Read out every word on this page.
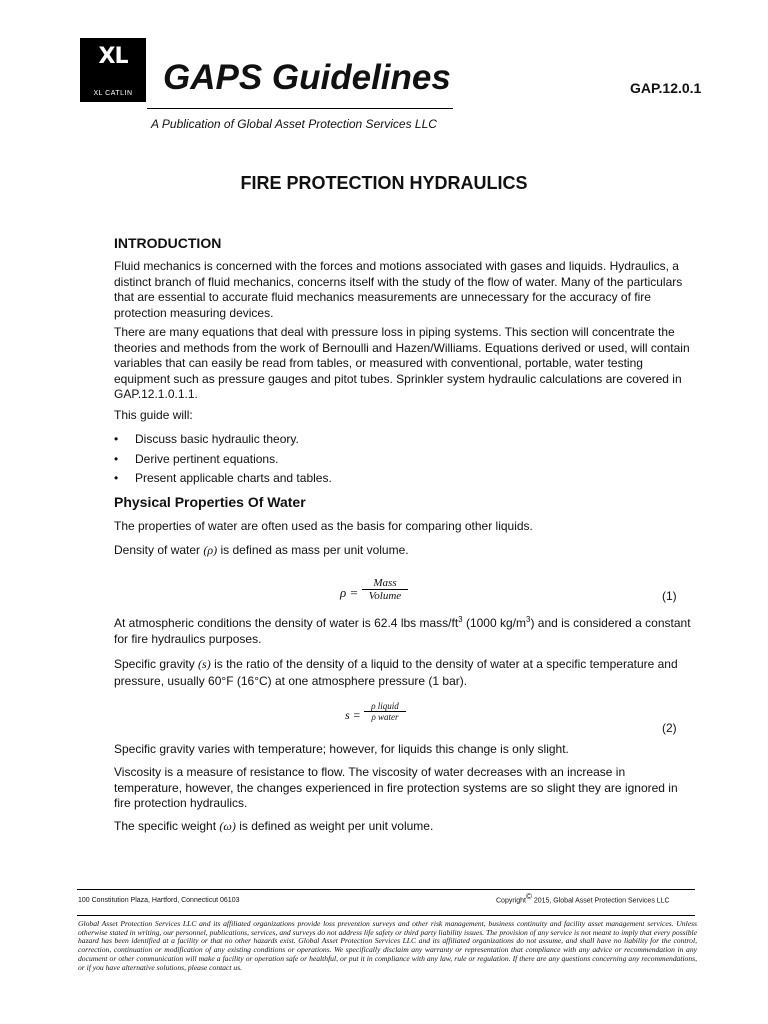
XL
XL CATLIN GAPS Guidelines	GAP.12.0.1
A Publication of Global Asset Protection Services LLC
FIRE PROTECTION HYDRAULICS
INTRODUCTION

Fluid mechanics is concerned with the forces and motions associated with gases and liquids. Hydraulics, a distinct branch of fluid mechanics, concerns itself with the study of the flow of water. Many of the particulars that are essential to accurate fluid mechanics measurements are unnecessary for the accuracy of fire protection measuring devices.

There are many equations that deal with pressure loss in piping systems. This section will concentrate the theories and methods from the work of Bernoulli and Hazen/Williams. Equations derived or used, will contain variables that can easily be read from tables, or measured with conventional, portable, water testing equipment such as pressure gauges and pitot tubes. Sprinkler system hydraulic calculations are covered in GAP.12.1.0.1.1.

This guide will:
• Discuss basic hydraulic theory.
• Derive pertinent equations.
• Present applicable charts and tables.
Physical Properties Of Water
The properties of water are often used as the basis for comparing other liquids.
Density of water (ρ) is defined as mass per unit volume.
ρ =
Mass
Volume	(1)
At atmospheric conditions the density of water is 62.4 lbs mass/$ft^3$ (1000 $kg/m^3$) and is considered a constant for fire hydraulics purposes.
Specific gravity (s) is the ratio of the density of a liquid to the density of water at a specific temperature and pressure, usually 60°F (16°C) at one atmosphere pressure (1 bar).
s =
ρ liquid
ρ water
(2)
Specific gravity varies with temperature; however, for liquids this change is only slight.
Viscosity is a measure of resistance to flow. The viscosity of water decreases with an increase in temperature, however, the changes experienced in fire protection systems are so slight they are ignored in fire protection hydraulics.
The specific weight (ω) is defined as weight per unit volume.
100 Constitution Plaza, Hartford, Connecticut 06103	Copyright© 2015, Global Asset Protection Services LLC
Global Asset Protection Services LLC and its affiliated organizations provide loss prevention surveys and other risk management, business continuity and facility asset management services. Unless otherwise stated in writing, our personnel, publications, services, and surveys do not address life safety or third party liability issues. The provision of any service is not meant to imply that every possible hazard has been identified at a facility or that no other hazards exist. Global Asset Protection Services LLC and its affiliated organizations do not assume, and shall have no liability for the control, correction, continuation or modification of any existing conditions or operations. We specifically disclaim any warranty or representation that compliance with any advice or recommendation in any document or other communication will make a facility or operation safe or healthful, or put it in compliance with any law, rule or regulation. If there are any questions concerning any recommendations, or if you have alternative solutions, please contact us.
